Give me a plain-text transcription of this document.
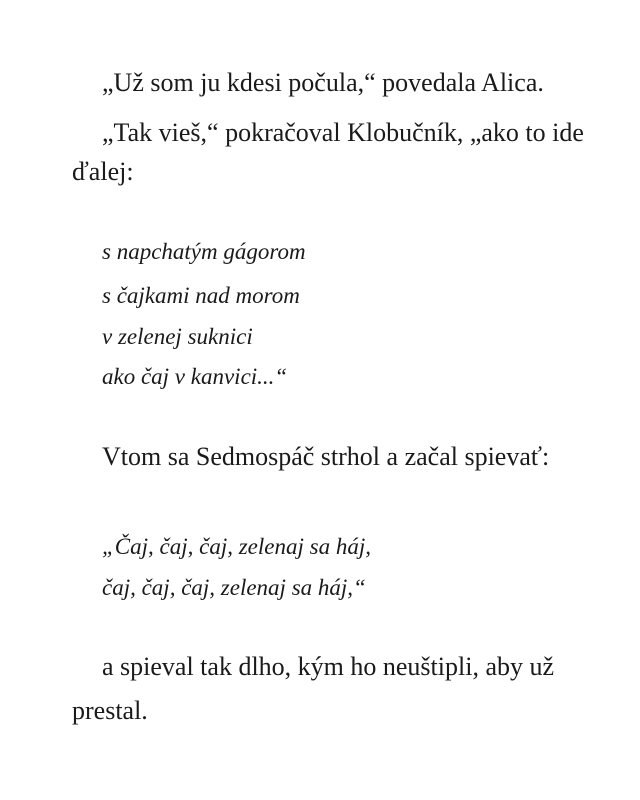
„Už som ju kdesi počula,“ povedala Alica.
„Tak vieš,“ pokračoval Klobučník, „ako to ide
ďalej:
s napchatým gágorom
s čajkami nad morom
v zelenej suknici
ako čaj v kanvici...“
Vtom sa Sedmospáč strhol a začal spievať:
„Čaj, čaj, čaj, zelenaj sa háj,
čaj, čaj, čaj, zelenaj sa háj,“
a spieval tak dlho, kým ho neuštipli, aby už
prestal.
